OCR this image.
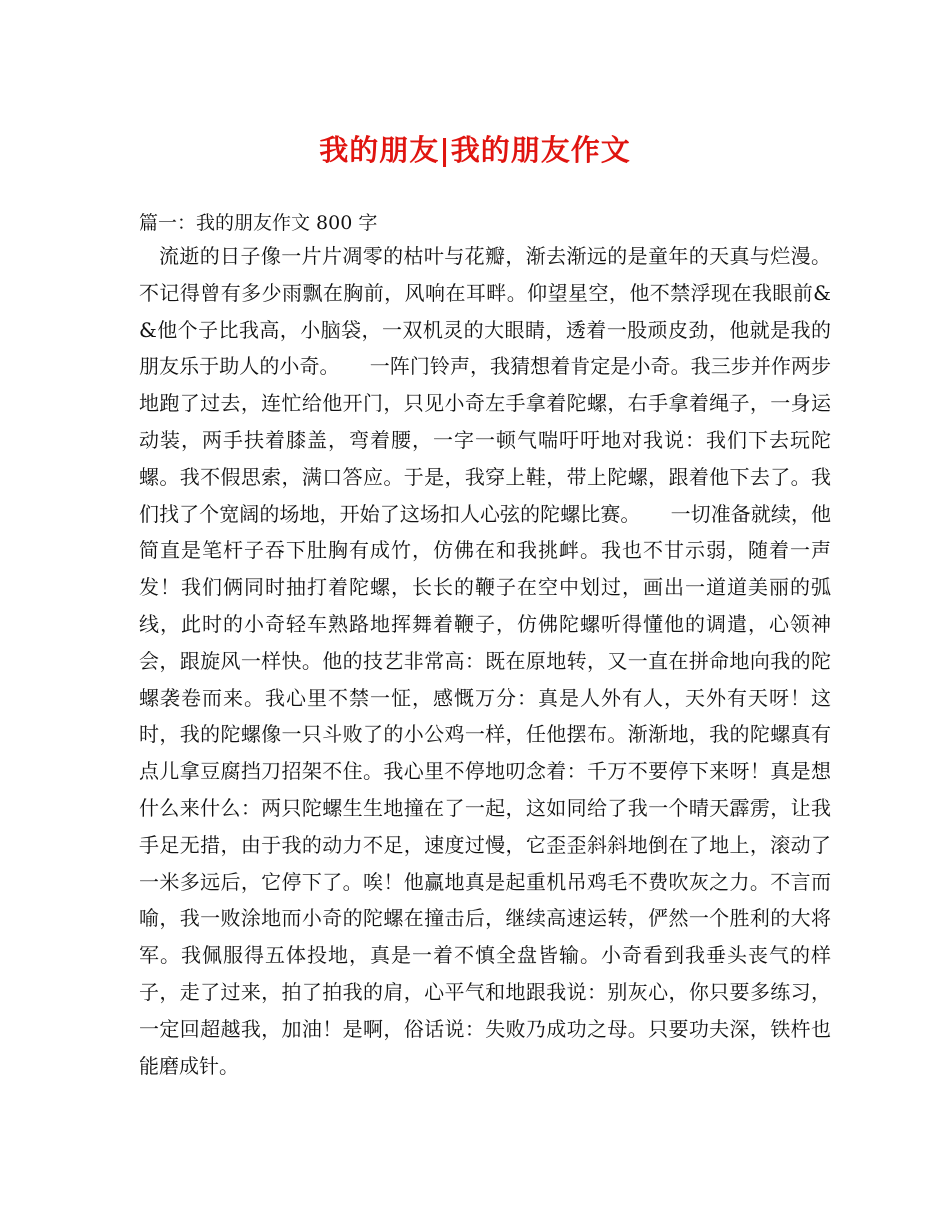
我的朋友|我的朋友作文
篇一：我的朋友作文 800 字

流逝的日子像一片片凋零的枯叶与花瓣，渐去渐远的是童年的天真与烂漫。不记得曾有多少雨飘在胸前，风响在耳畔。仰望星空，他不禁浮现在我眼前&&他个子比我高，小脑袋，一双机灵的大眼睛，透着一股顽皮劲，他就是我的朋友乐于助人的小奇。　　一阵门铃声，我猜想着肯定是小奇。我三步并作两步地跑了过去，连忙给他开门，只见小奇左手拿着陀螺，右手拿着绳子，一身运动装，两手扶着膝盖，弯着腰，一字一顿气喘吁吁地对我说：我们下去玩陀螺。我不假思索，满口答应。于是，我穿上鞋，带上陀螺，跟着他下去了。我们找了个宽阔的场地，开始了这场扣人心弦的陀螺比赛。　　一切准备就续，他简直是笔杆子吞下肚胸有成竹，仿佛在和我挑衅。我也不甘示弱，随着一声发！我们俩同时抽打着陀螺，长长的鞭子在空中划过，画出一道道美丽的弧线，此时的小奇轻车熟路地挥舞着鞭子，仿佛陀螺听得懂他的调遣，心领神会，跟旋风一样快。他的技艺非常高：既在原地转，又一直在拼命地向我的陀螺袭卷而来。我心里不禁一怔，感慨万分：真是人外有人，天外有天呀！这时，我的陀螺像一只斗败了的小公鸡一样，任他摆布。渐渐地，我的陀螺真有点儿拿豆腐挡刀招架不住。我心里不停地叨念着：千万不要停下来呀！真是想什么来什么：两只陀螺生生地撞在了一起，这如同给了我一个晴天霹雳，让我手足无措，由于我的动力不足，速度过慢，它歪歪斜斜地倒在了地上，滚动了一米多远后，它停下了。唉！他赢地真是起重机吊鸡毛不费吹灰之力。不言而喻，我一败涂地而小奇的陀螺在撞击后，继续高速运转，俨然一个胜利的大将军。我佩服得五体投地，真是一着不慎全盘皆输。小奇看到我垂头丧气的样子，走了过来，拍了拍我的肩，心平气和地跟我说：别灰心，你只要多练习，一定回超越我，加油！是啊，俗话说：失败乃成功之母。只要功夫深，铁杵也能磨成针。
